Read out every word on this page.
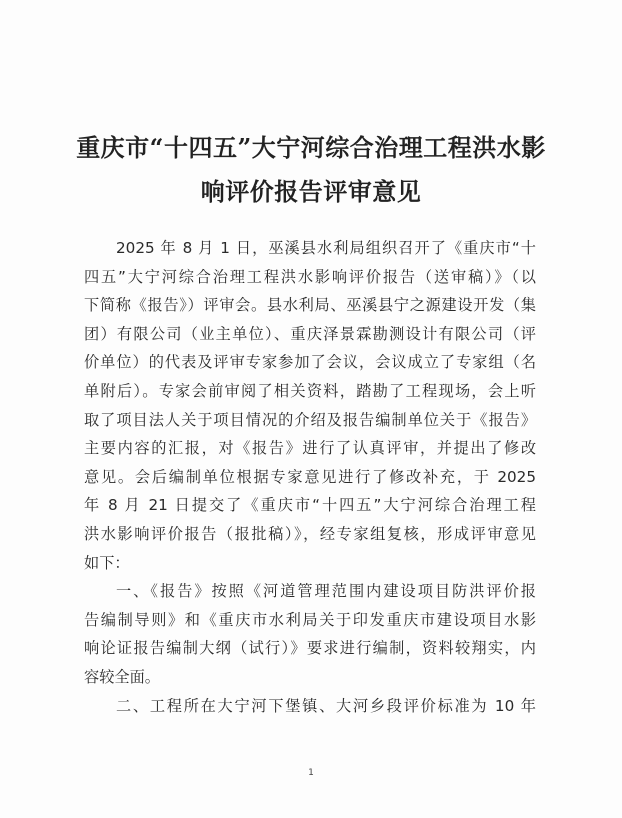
重庆市“十四五”大宁河综合治理工程洪水影
响评价报告评审意见
2025 年 8 月 1 日，巫溪县水利局组织召开了《重庆市“十
四五”大宁河综合治理工程洪水影响评价报告（送审稿）》（以
下简称《报告》）评审会。县水利局、巫溪县宁之源建设开发（集
团）有限公司（业主单位）、重庆泽景霖勘测设计有限公司（评
价单位）的代表及评审专家参加了会议，会议成立了专家组（名
单附后）。专家会前审阅了相关资料，踏勘了工程现场，会上听
取了项目法人关于项目情况的介绍及报告编制单位关于《报告》
主要内容的汇报，对《报告》进行了认真评审，并提出了修改
意见。会后编制单位根据专家意见进行了修改补充，于 2025
年 8 月 21 日提交了《重庆市“十四五”大宁河综合治理工程
洪水影响评价报告（报批稿）》，经专家组复核，形成评审意见
如下：
一、《报告》按照《河道管理范围内建设项目防洪评价报
告编制导则》和《重庆市水利局关于印发重庆市建设项目水影
响论证报告编制大纲（试行）》要求进行编制，资料较翔实，内
容较全面。
二、工程所在大宁河下堡镇、大河乡段评价标准为 10 年
1
